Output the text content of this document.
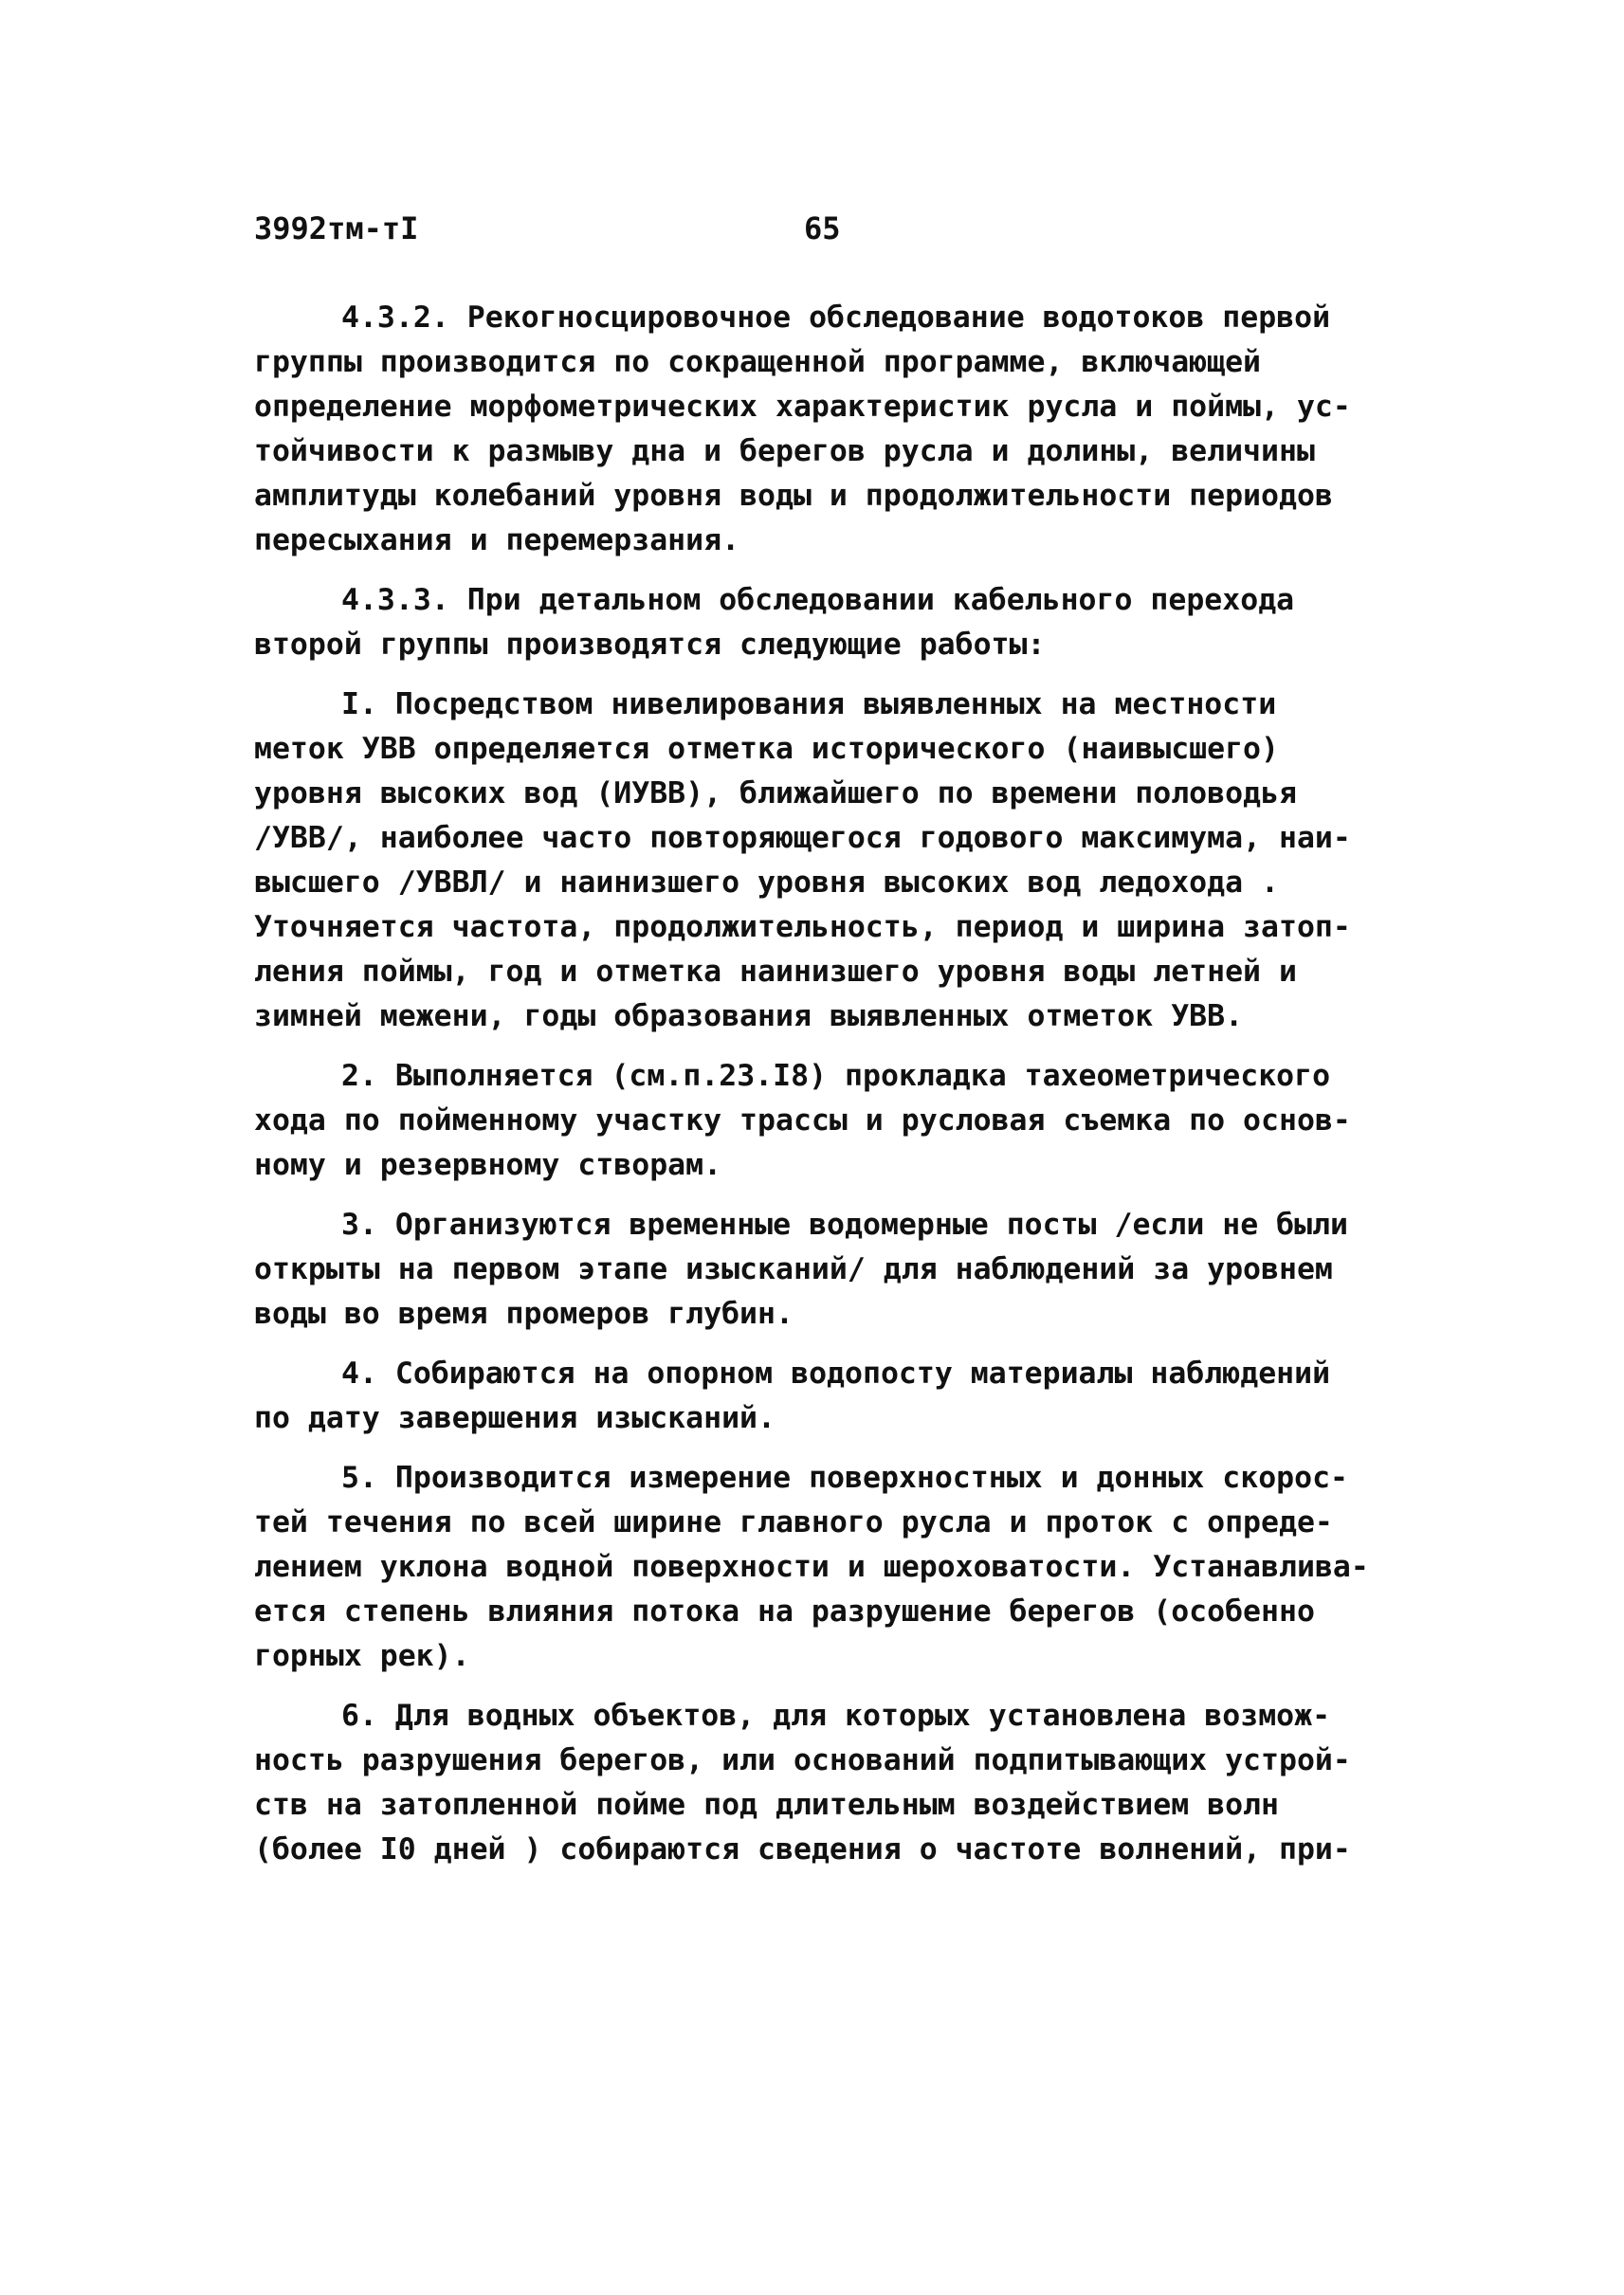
3992тм-тI	65
4.3.2. Рекогносцировочное обследование водотоков первой
группы производится по сокращенной программе, включающей
определение морфометрических характеристик русла и поймы, ус-
тойчивости к размыву дна и берегов русла и долины, величины
амплитуды колебаний уровня воды и продолжительности периодов
пересыхания и перемерзания.
4.3.3. При детальном обследовании кабельного перехода
второй группы производятся следующие работы:
I. Посредством нивелирования выявленных на местности
меток УВВ определяется отметка исторического (наивысшего)
уровня высоких вод (ИУВВ), ближайшего по времени половодья
/УВВ/, наиболее часто повторяющегося годового максимума, наи-
высшего /УВВЛ/ и наинизшего уровня высоких вод ледохода .
Уточняется частота, продолжительность, период и ширина затоп-
ления поймы, год и отметка наинизшего уровня воды летней и
зимней межени, годы образования выявленных отметок УВВ.
2. Выполняется (см.п.23.I8) прокладка тахеометрического
хода по пойменному участку трассы и русловая съемка по основ-
ному и резервному створам.
3. Организуются временные водомерные посты /если не были
открыты на первом этапе изысканий/ для наблюдений за уровнем
воды во время промеров глубин.
4. Собираются на опорном водопосту материалы наблюдений
по дату завершения изысканий.
5. Производится измерение поверхностных и донных скорос-
тей течения по всей ширине главного русла и проток с опреде-
лением уклона водной поверхности и шероховатости. Устанавлива-
ется степень влияния потока на разрушение берегов (особенно
горных рек).
6. Для водных объектов, для которых установлена возмож-
ность разрушения берегов, или оснований подпитывающих устрой-
ств на затопленной пойме под длительным воздействием волн
(более I0 дней ) собираются сведения о частоте волнений, при-
